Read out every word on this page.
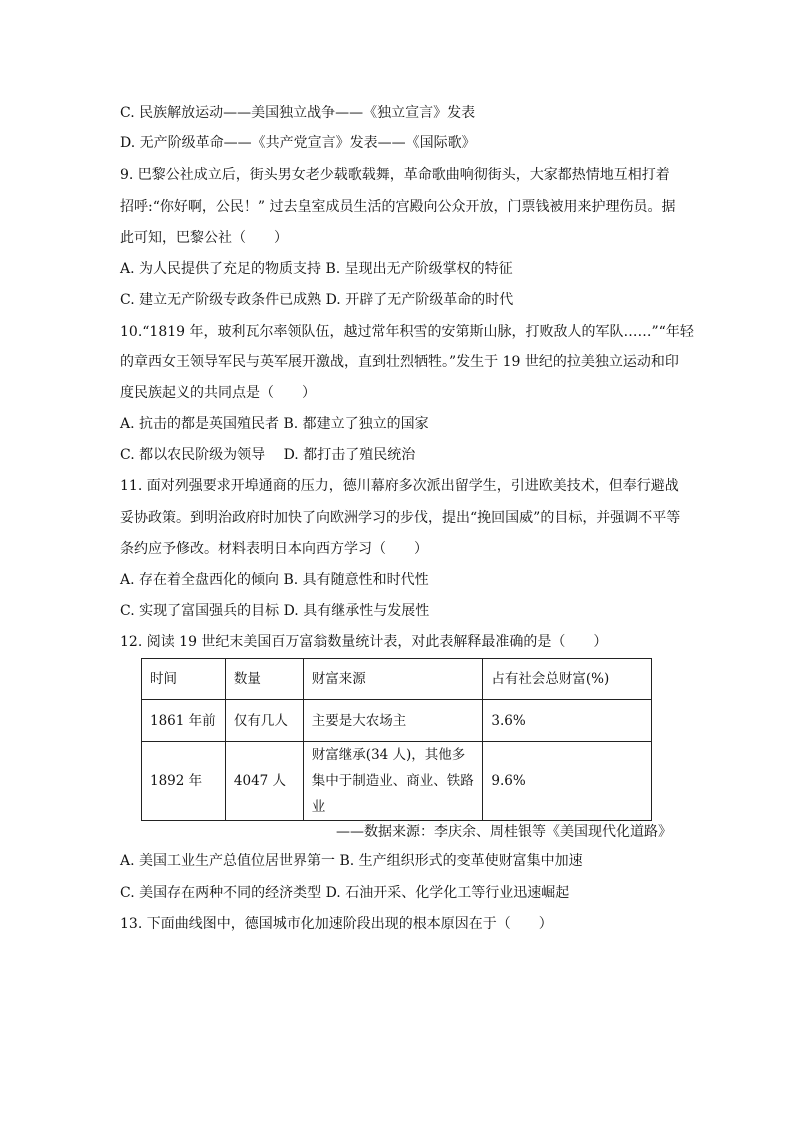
C. 民族解放运动——美国独立战争——《独立宣言》发表
D. 无产阶级革命——《共产党宣言》发表——《国际歌》
9. 巴黎公社成立后，街头男女老少载歌载舞，革命歌曲响彻街头，大家都热情地互相打着
招呼:“你好啊，公民！” 过去皇室成员生活的宫殿向公众开放，门票钱被用来护理伤员。据
此可知，巴黎公社（　　）
A. 为人民提供了充足的物质支持 B. 呈现出无产阶级掌权的特征
C. 建立无产阶级专政条件已成熟 D. 开辟了无产阶级革命的时代
10.“1819 年，玻利瓦尔率领队伍，越过常年积雪的安第斯山脉，打败敌人的军队……”“年轻
的章西女王领导军民与英军展开激战，直到壮烈牺牲。”发生于 19 世纪的拉美独立运动和印
度民族起义的共同点是（　　）
A. 抗击的都是英国殖民者 B. 都建立了独立的国家
C. 都以农民阶级为领导　 D. 都打击了殖民统治
11. 面对列强要求开埠通商的压力，德川幕府多次派出留学生，引进欧美技术，但奉行避战
妥协政策。到明治政府时加快了向欧洲学习的步伐，提出“挽回国威”的目标，并强调不平等
条约应予修改。材料表明日本向西方学习（　　）
A. 存在着全盘西化的倾向 B. 具有随意性和时代性
C. 实现了富国强兵的目标 D. 具有继承性与发展性
12. 阅读 19 世纪末美国百万富翁数量统计表，对此表解释最准确的是（　　）
时间	数量	财富来源	占有社会总财富(%)
1861 年前	仅有几人	主要是大农场主	3.6%
1892 年	4047 人	财富继承(34 人)，其他多集中于制造业、商业、铁路业	9.6%
——数据来源：李庆余、周桂银等《美国现代化道路》
A. 美国工业生产总值位居世界第一 B. 生产组织形式的变革使财富集中加速
C. 美国存在两种不同的经济类型 D. 石油开采、化学化工等行业迅速崛起
13. 下面曲线图中，德国城市化加速阶段出现的根本原因在于（　　）
